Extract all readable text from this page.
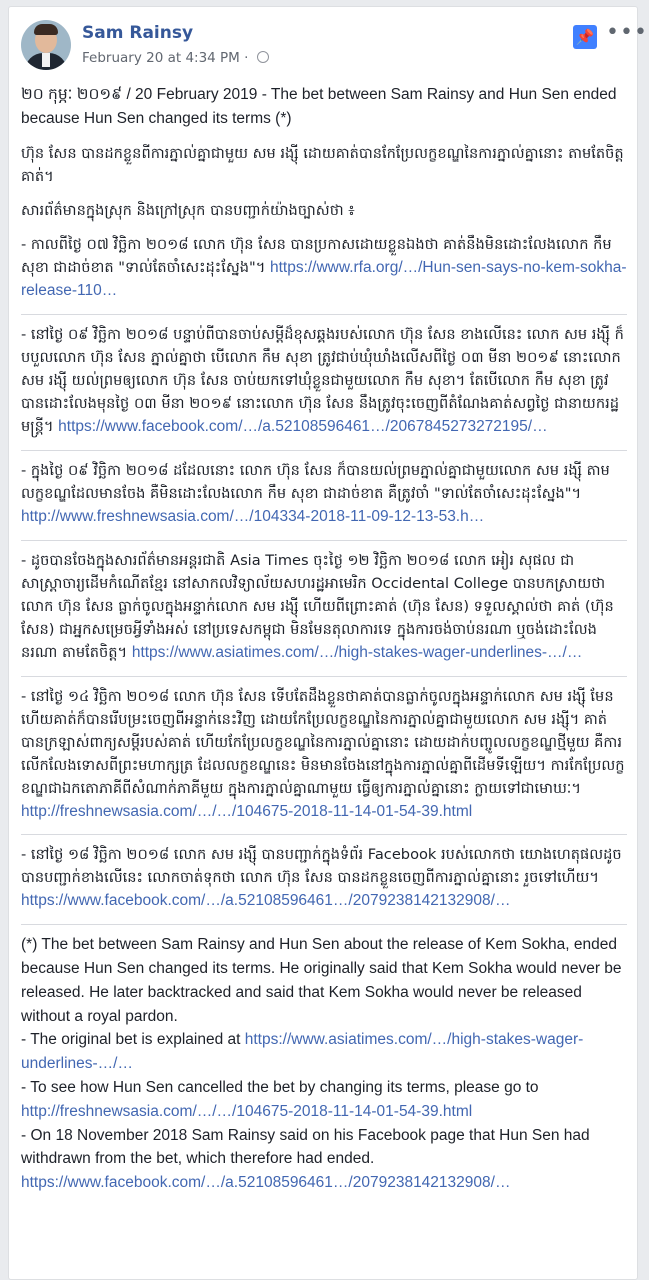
Sam Rainsy
February 20 at 4:34 PM ·
📌 •••

២០ កុម្ភៈ ២០១៩ / 20 February 2019 - The bet between Sam Rainsy and Hun Sen ended because Hun Sen changed its terms (*)

ហ៊ុន សែន បានដកខ្លួនពីការភ្នាល់គ្នាជាមួយ សម រង្ស៊ី ដោយគាត់បានកែប្រែលក្ខខណ្ឌនៃការភ្នាល់គ្នានោះ តាមតែចិត្តគាត់។

សារព័ត៌មានក្នុងស្រុក និងក្រៅស្រុក បានបញ្ជាក់យ៉ាងច្បាស់ថា ៖

- កាលពីថ្ងៃ ០៧ វិច្ឆិកា ២០១៨ លោក ហ៊ុន សែន បានប្រកាសដោយខ្លួនឯងថា គាត់នឹងមិនដោះលែងលោក កឹម សុខា ជាដាច់ខាត "ទាល់តែចាំសេះដុះស្នែង"។ https://www.rfa.org/…/Hun-sen-says-no-kem-sokha-release-110…

- នៅថ្ងៃ ០៩ វិច្ឆិកា ២០១៨ បន្ទាប់ពីបានចាប់សម្ដីដ៏ខុសឆ្គងរបស់លោក ហ៊ុន សែន ខាងលើនេះ លោក សម រង្ស៊ី ក៏បបួលលោក ហ៊ុន សែន ភ្នាល់គ្នាថា បើលោក កឹម សុខា ត្រូវជាប់ឃុំឃាំងលើសពីថ្ងៃ ០៣ មីនា ២០១៩ នោះលោក សម រង្ស៊ី យល់ព្រមឲ្យលោក ហ៊ុន សែន ចាប់យកទៅឃុំខ្លួនជាមួយលោក កឹម សុខា។ តែបើលោក កឹម សុខា ត្រូវបានដោះលែងមុនថ្ងៃ ០៣ មីនា ២០១៩ នោះលោក ហ៊ុន សែន នឹងត្រូវចុះចេញពីតំណែងគាត់សព្វថ្ងៃ ជានាយករដ្ឋមន្ត្រី។ https://www.facebook.com/…/a.52108596461…/2067845273272195/…

- ក្នុងថ្ងៃ ០៩ វិច្ឆិកា ២០១៨ ដដែលនោះ លោក ហ៊ុន សែន ក៏បានយល់ព្រមភ្នាល់គ្នាជាមួយលោក សម រង្ស៊ី តាមលក្ខខណ្ឌដែលមានចែង គឺមិនដោះលែងលោក កឹម សុខា ជាដាច់ខាត គឺត្រូវចាំ "ទាល់តែចាំសេះដុះស្នែង"។ http://www.freshnewsasia.com/…/104334-2018-11-09-12-13-53.h…

- ដូចបានចែងក្នុងសារព័ត៌មានអន្តរជាតិ Asia Times ចុះថ្ងៃ ១២ វិច្ឆិកា ២០១៨ លោក អៀរ សុផល ជាសាស្ត្រាចារ្យដើមកំណើតខ្មែរ នៅសាកលវិទ្យាល័យសហរដ្ឋអាមេរិក Occidental College បានបកស្រាយថា លោក ហ៊ុន សែន ធ្លាក់ចូលក្នុងអន្ទាក់លោក សម រង្ស៊ី ហើយពីព្រោះគាត់ (ហ៊ុន សែន) ទទួលស្គាល់ថា គាត់ (ហ៊ុន សែន) ជាអ្នកសម្រេចអ្វីទាំងអស់ នៅប្រទេសកម្ពុជា មិនមែនតុលាការទេ ក្នុងការចង់ចាប់នរណា ឬចង់ដោះលែងនរណា តាមតែចិត្ត។ https://www.asiatimes.com/…/high-stakes-wager-underlines-…/…

- នៅថ្ងៃ ១៤ វិច្ឆិកា ២០១៨ លោក ហ៊ុន សែន ទើបតែដឹងខ្លួនថាគាត់បានធ្លាក់ចូលក្នុងអន្ទាក់លោក សម រង្ស៊ី មែន ហើយគាត់ក៏បានរើបម្រះចេញពីអន្ទាក់នេះវិញ ដោយកែប្រែលក្ខខណ្ឌនៃការភ្នាល់គ្នាជាមួយលោក សម រង្ស៊ី។ គាត់បានក្រឡាស់ពាក្យសម្ដីរបស់គាត់ ហើយកែប្រែលក្ខខណ្ឌនៃការភ្នាល់គ្នានោះ ដោយដាក់បញ្ចូលលក្ខខណ្ឌថ្មីមួយ គឺការលើកលែងទោសពីព្រះមហាក្សត្រ ដែលលក្ខខណ្ឌនេះ មិនមានចែងនៅក្នុងការភ្នាល់គ្នាពីដើមទីឡើយ។ ការកែប្រែលក្ខខណ្ឌជាឯកតោភាគីពីសំណាក់ភាគីមួយ ក្នុងការភ្នាល់គ្នាណាមួយ ធ្វើឲ្យការភ្នាល់គ្នានោះ ក្លាយទៅជាមោឃៈ។ http://freshnewsasia.com/…/…/104675-2018-11-14-01-54-39.html

- នៅថ្ងៃ ១៨ វិច្ឆិកា ២០១៨ លោក សម រង្ស៊ី បានបញ្ជាក់ក្នុងទំព័រ Facebook របស់លោកថា យោងហេតុផលដូចបានបញ្ជាក់ខាងលើនេះ លោកចាត់ទុកថា លោក ហ៊ុន សែន បានដកខ្លួនចេញពីការភ្នាល់គ្នានោះ រួចទៅហើយ។ https://www.facebook.com/…/a.52108596461…/2079238142132908/…

(*) The bet between Sam Rainsy and Hun Sen about the release of Kem Sokha, ended because Hun Sen changed its terms. He originally said that Kem Sokha would never be released. He later backtracked and said that Kem Sokha would never be released without a royal pardon.

- The original bet is explained at https://www.asiatimes.com/…/high-stakes-wager-underlines-…/…

- To see how Hun Sen cancelled the bet by changing its terms, please go to http://freshnewsasia.com/…/…/104675-2018-11-14-01-54-39.html

- On 18 November 2018 Sam Rainsy said on his Facebook page that Hun Sen had withdrawn from the bet, which therefore had ended. https://www.facebook.com/…/a.52108596461…/2079238142132908/…
